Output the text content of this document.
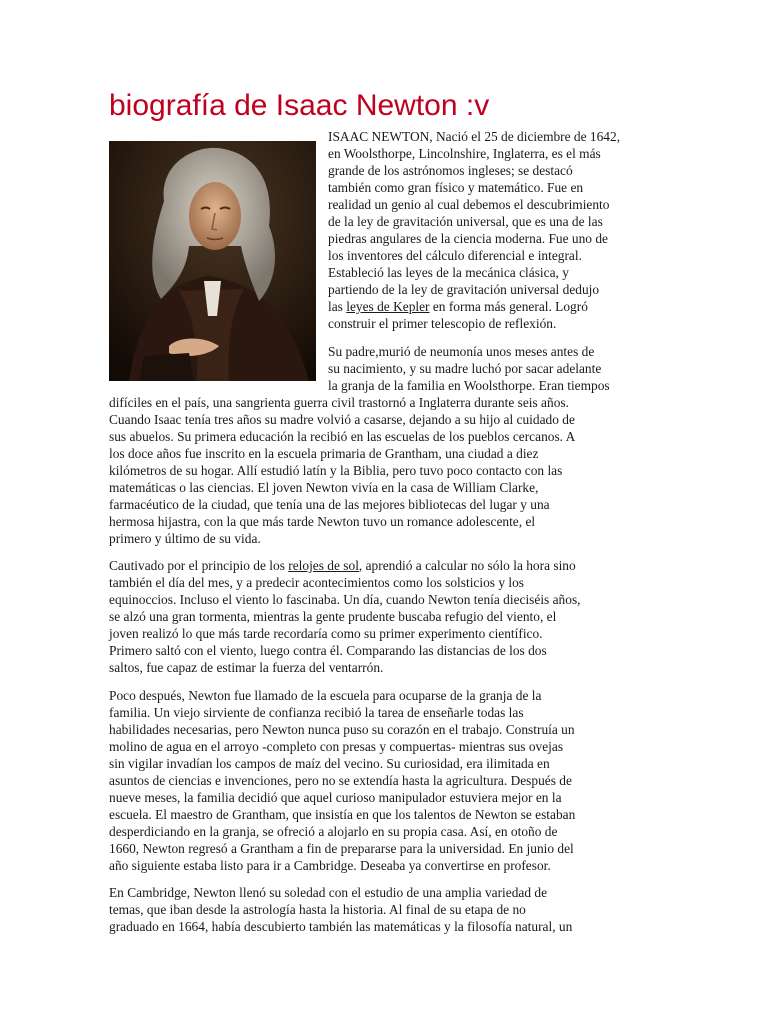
biografía de Isaac Newton :v

ISAAC NEWTON, Nació el 25 de diciembre de 1642,

en Woolsthorpe, Lincolnshire, Inglaterra, es el más

grande de los astrónomos ingleses; se destacó

también como gran físico y matemático. Fue en

realidad un genio al cual debemos el descubrimiento

de la ley de gravitación universal, que es una de las

piedras angulares de la ciencia moderna. Fue uno de

los inventores del cálculo diferencial e integral.

Estableció las leyes de la mecánica clásica, y

partiendo de la ley de gravitación universal dedujo

las leyes de Kepler en forma más general. Logró

construir el primer telescopio de reflexión.

Su padre,murió de neumonía unos meses antes de

su nacimiento, y su madre luchó por sacar adelante

la granja de la familia en Woolsthorpe. Eran tiempos

difíciles en el país, una sangrienta guerra civil trastornó a Inglaterra durante seis años.

Cuando Isaac tenía tres años su madre volvió a casarse, dejando a su hijo al cuidado de

sus abuelos. Su primera educación la recibió en las escuelas de los pueblos cercanos. A

los doce años fue inscrito en la escuela primaria de Grantham, una ciudad a diez

kilómetros de su hogar. Allí estudió latín y la Biblia, pero tuvo poco contacto con las

matemáticas o las ciencias. El joven Newton vivía en la casa de William Clarke,

farmacéutico de la ciudad, que tenía una de las mejores bibliotecas del lugar y una

hermosa hijastra, con la que más tarde Newton tuvo un romance adolescente, el

primero y último de su vida.

Cautivado por el principio de los relojes de sol, aprendió a calcular no sólo la hora sino

también el día del mes, y a predecir acontecimientos como los solsticios y los

equinoccios. Incluso el viento lo fascinaba. Un día, cuando Newton tenía dieciséis años,

se alzó una gran tormenta, mientras la gente prudente buscaba refugio del viento, el

joven realizó lo que más tarde recordaría como su primer experimento científico.

Primero saltó con el viento, luego contra él. Comparando las distancias de los dos

saltos, fue capaz de estimar la fuerza del ventarrón.

Poco después, Newton fue llamado de la escuela para ocuparse de la granja de la

familia. Un viejo sirviente de confianza recibió la tarea de enseñarle todas las

habilidades necesarias, pero Newton nunca puso su corazón en el trabajo. Construía un

molino de agua en el arroyo -completo con presas y compuertas- mientras sus ovejas

sin vigilar invadían los campos de maíz del vecino. Su curiosidad, era ilimitada en

asuntos de ciencias e invenciones, pero no se extendía hasta la agricultura. Después de

nueve meses, la familia decidió que aquel curioso manipulador estuviera mejor en la

escuela. El maestro de Grantham, que insistía en que los talentos de Newton se estaban

desperdiciando en la granja, se ofreció a alojarlo en su propia casa. Así, en otoño de

1660, Newton regresó a Grantham a fin de prepararse para la universidad. En junio del

año siguiente estaba listo para ir a Cambridge. Deseaba ya convertirse en profesor.

En Cambridge, Newton llenó su soledad con el estudio de una amplia variedad de

temas, que iban desde la astrología hasta la historia. Al final de su etapa de no

graduado en 1664, había descubierto también las matemáticas y la filosofía natural, un
